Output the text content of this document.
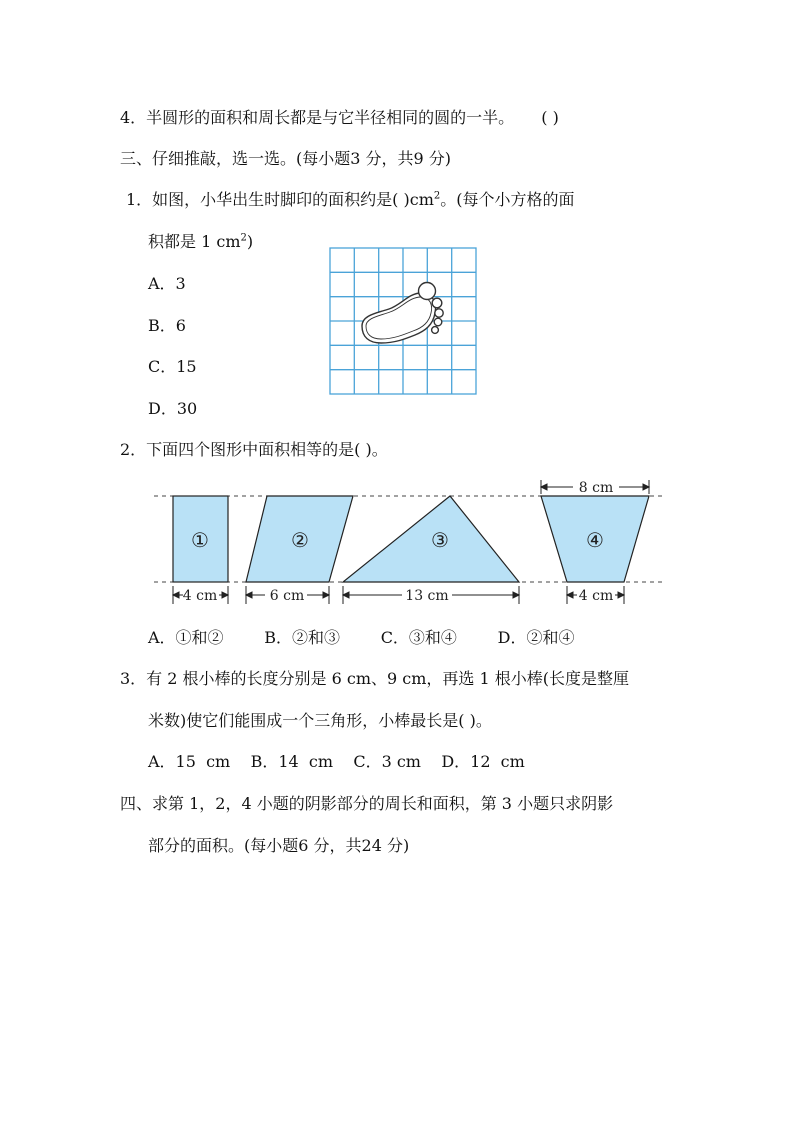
4．半圆形的面积和周长都是与它半径相同的圆的一半。 ( )
三、仔细推敲，选一选。(每小题3 分，共9 分)
1．如图，小华出生时脚印的面积约是( )$cm^2$。(每个小方格的面
积都是 1 $cm^2$)
A．3
B．6
C．15
D．30
2．下面四个图形中面积相等的是( )。
①	②	③	④
4 cm	6 cm	13 cm	4 cm
8 cm
A．①和②        B．②和③        C．③和④        D．②和④
3．有 2 根小棒的长度分别是 6 cm、9 cm，再选 1 根小棒(长度是整厘
米数)使它们能围成一个三角形，小棒最长是( )。
A．15  cm    B．14  cm    C．3 cm    D．12  cm
四、求第 1，2，4 小题的阴影部分的周长和面积，第 3 小题只求阴影
部分的面积。(每小题6 分，共24 分)
